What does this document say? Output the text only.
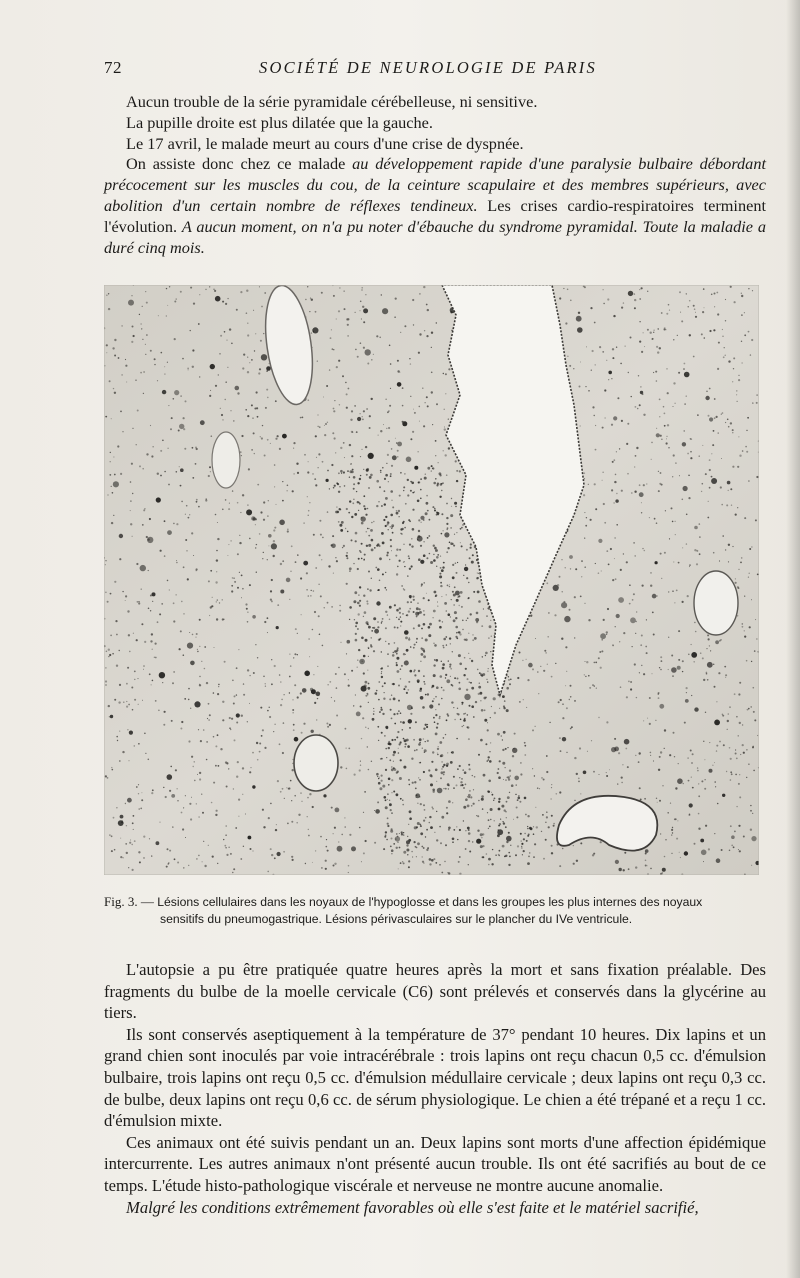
72	SOCIÉTÉ DE NEUROLOGIE DE PARIS

Aucun trouble de la série pyramidale cérébelleuse, ni sensitive.

La pupille droite est plus dilatée que la gauche.

Le 17 avril, le malade meurt au cours d'une crise de dyspnée.

On assiste donc chez ce malade au développement rapide d'une paralysie bulbaire débordant précocement sur les muscles du cou, de la ceinture scapulaire et des membres supérieurs, avec abolition d'un certain nombre de réflexes tendineux. Les crises cardio-respiratoires terminent l'évolution. A aucun moment, on n'a pu noter d'ébauche du syndrome pyramidal. Toute la maladie a duré cinq mois.

Fig. 3. — Lésions cellulaires dans les noyaux de l'hypoglosse et dans les groupes les plus internes des noyaux
sensitifs du pneumogastrique. Lésions périvasculaires sur le plancher du IVe ventricule.

L'autopsie a pu être pratiquée quatre heures après la mort et sans fixation préalable. Des fragments du bulbe de la moelle cervicale (C6) sont prélevés et conservés dans la glycérine au tiers.

Ils sont conservés aseptiquement à la température de 37° pendant 10 heures. Dix lapins et un grand chien sont inoculés par voie intracérébrale : trois lapins ont reçu chacun 0,5 cc. d'émulsion bulbaire, trois lapins ont reçu 0,5 cc. d'émulsion médullaire cervicale ; deux lapins ont reçu 0,3 cc. de bulbe, deux lapins ont reçu 0,6 cc. de sérum physiologique. Le chien a été trépané et a reçu 1 cc. d'émulsion mixte.

Ces animaux ont été suivis pendant un an. Deux lapins sont morts d'une affection épidémique intercurrente. Les autres animaux n'ont présenté aucun trouble. Ils ont été sacrifiés au bout de ce temps. L'étude histo-pathologique viscérale et nerveuse ne montre aucune anomalie.

Malgré les conditions extrêmement favorables où elle s'est faite et le matériel sacrifié,
